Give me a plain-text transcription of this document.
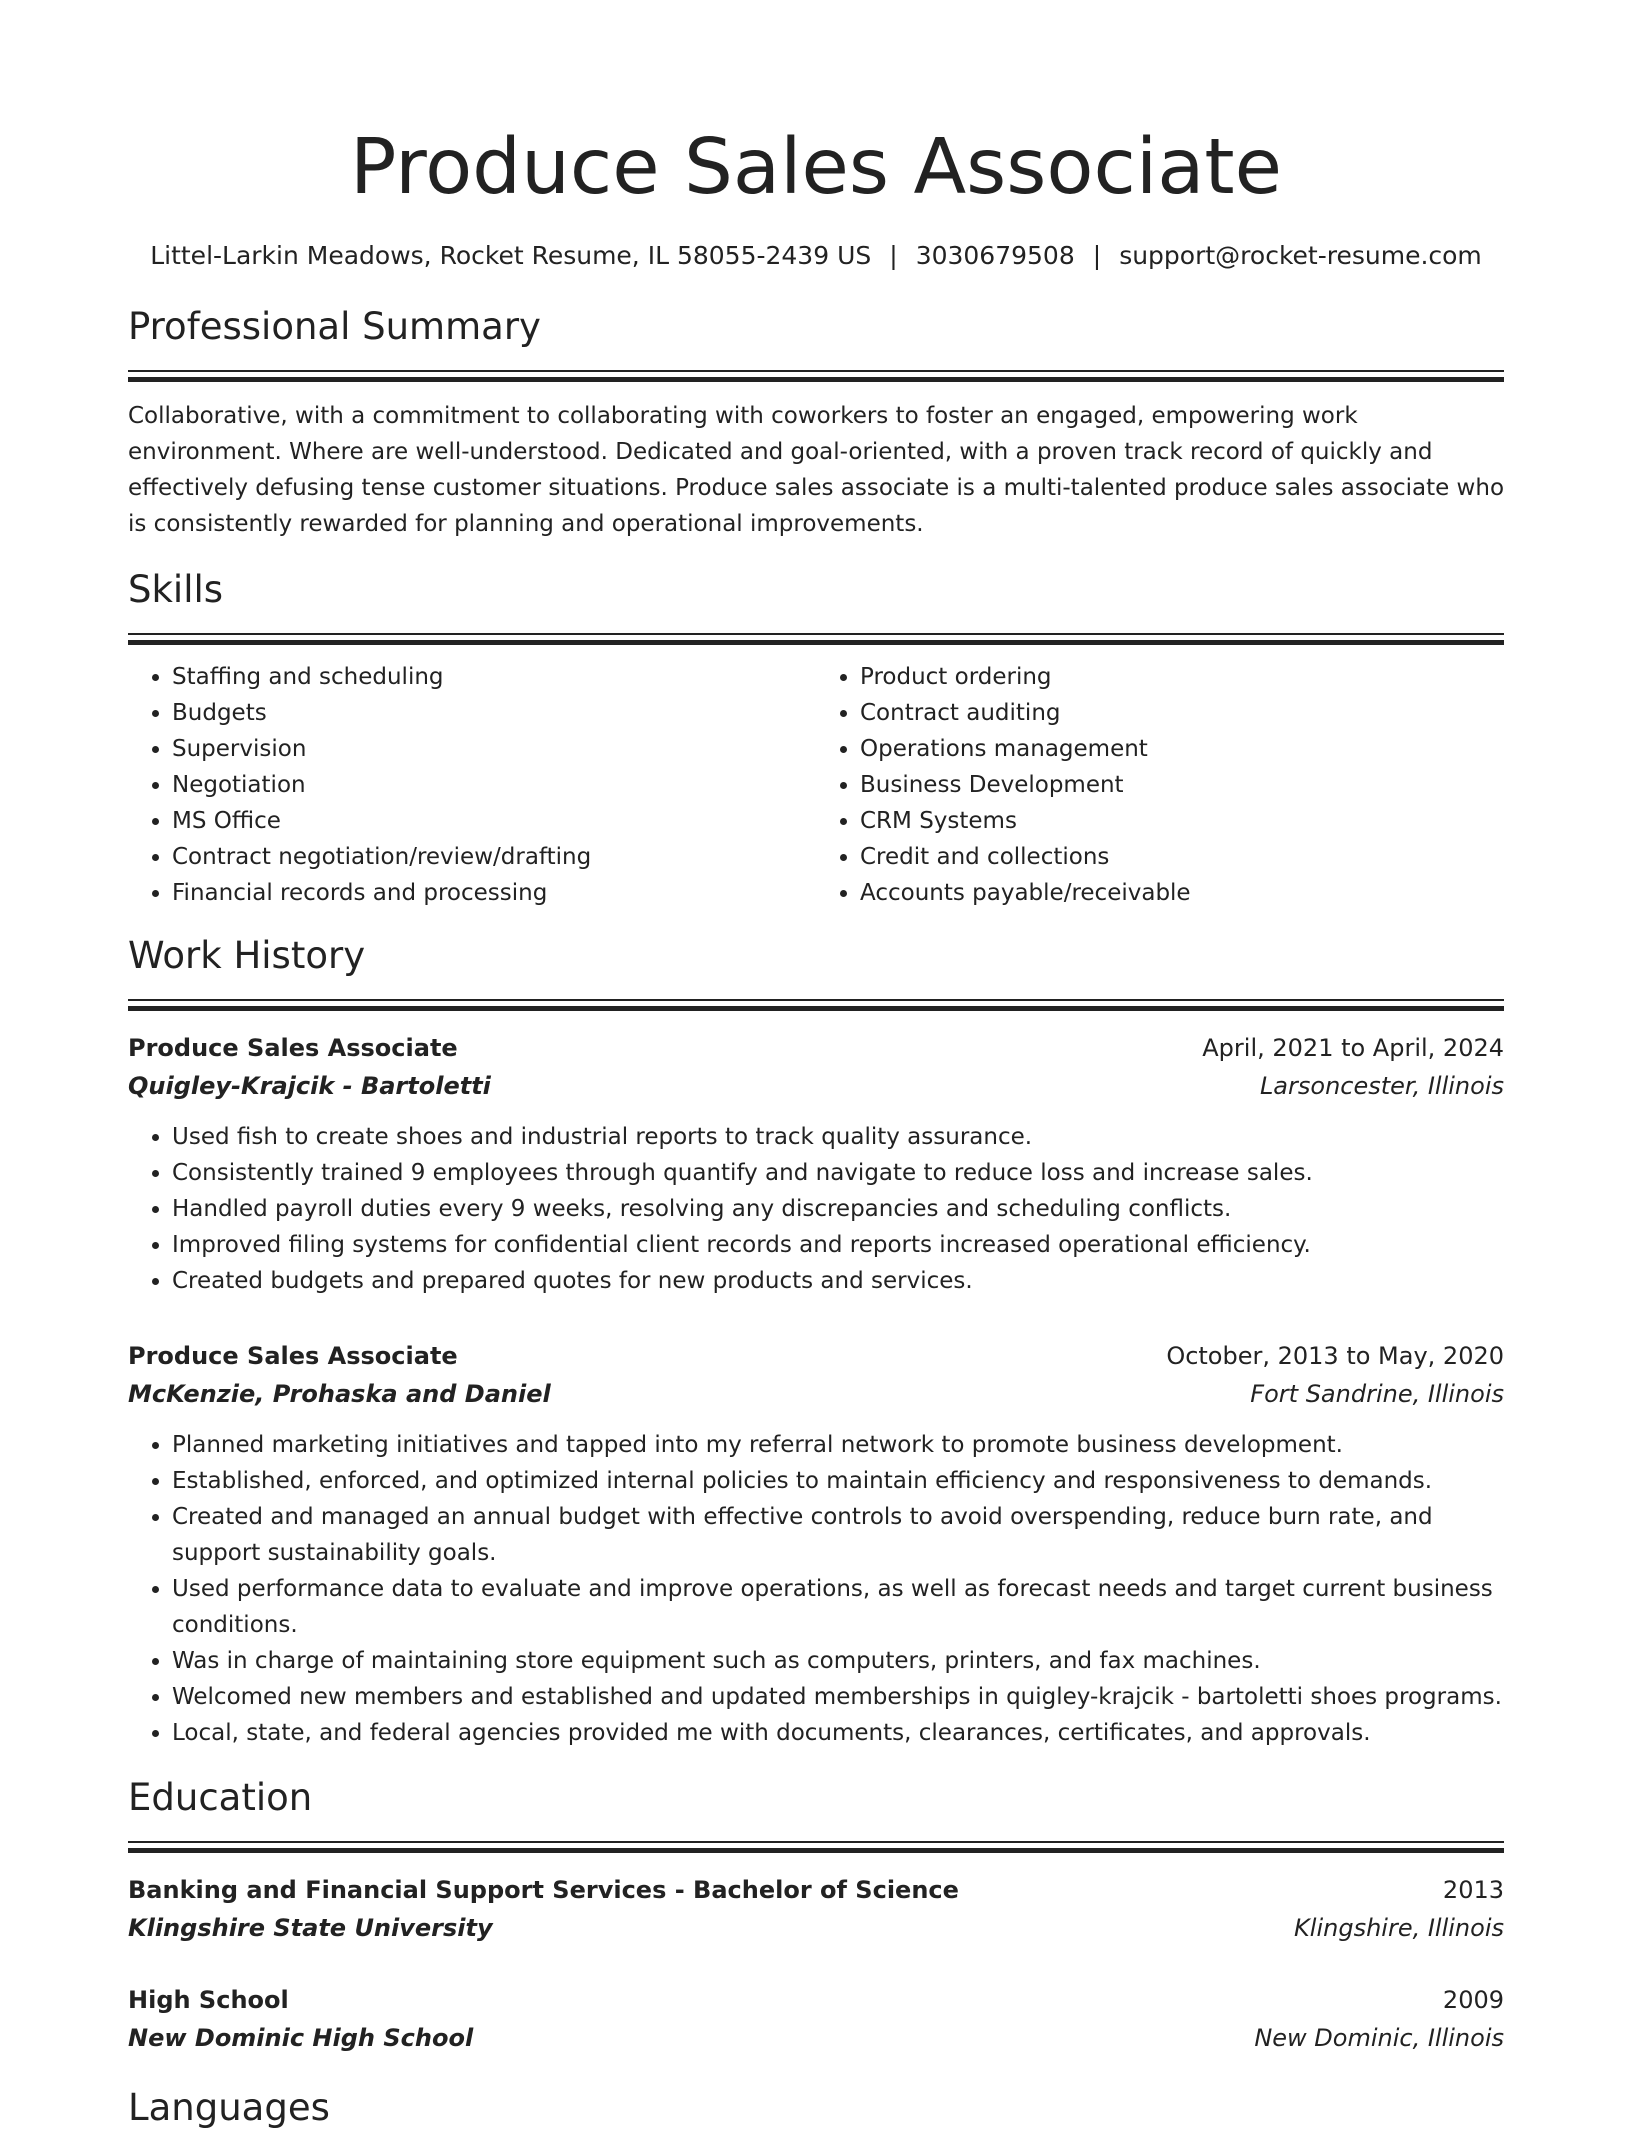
Produce Sales Associate
Littel-Larkin Meadows, Rocket Resume, IL 58055-2439 US | 3030679508 | support@rocket-resume.com
Professional Summary

Collaborative, with a commitment to collaborating with coworkers to foster an engaged, empowering work environment. Where are well-understood. Dedicated and goal-oriented, with a proven track record of quickly and effectively defusing tense customer situations. Produce sales associate is a multi-talented produce sales associate who is consistently rewarded for planning and operational improvements.

Skills
• Staffing and scheduling
• Budgets
• Supervision
• Negotiation
• MS Office
• Contract negotiation/review/drafting
• Financial records and processing
• Product ordering
• Contract auditing
• Operations management
• Business Development
• CRM Systems
• Credit and collections
• Accounts payable/receivable
Work History
Produce Sales Associate	April, 2021 to April, 2024
Quigley-Krajcik - Bartoletti	Larsoncester, Illinois
• Used fish to create shoes and industrial reports to track quality assurance.
• Consistently trained 9 employees through quantify and navigate to reduce loss and increase sales.
• Handled payroll duties every 9 weeks, resolving any discrepancies and scheduling conflicts.
• Improved filing systems for confidential client records and reports increased operational efficiency.
• Created budgets and prepared quotes for new products and services.
Produce Sales Associate	October, 2013 to May, 2020
McKenzie, Prohaska and Daniel	Fort Sandrine, Illinois
• Planned marketing initiatives and tapped into my referral network to promote business development.
• Established, enforced, and optimized internal policies to maintain efficiency and responsiveness to demands.
• Created and managed an annual budget with effective controls to avoid overspending, reduce burn rate, and support sustainability goals.
• Used performance data to evaluate and improve operations, as well as forecast needs and target current business conditions.
• Was in charge of maintaining store equipment such as computers, printers, and fax machines.
• Welcomed new members and established and updated memberships in quigley-krajcik - bartoletti shoes programs.
• Local, state, and federal agencies provided me with documents, clearances, certificates, and approvals.
Education
Banking and Financial Support Services - Bachelor of Science	2013
Klingshire State University	Klingshire, Illinois
High School	2009
New Dominic High School	New Dominic, Illinois
Languages
